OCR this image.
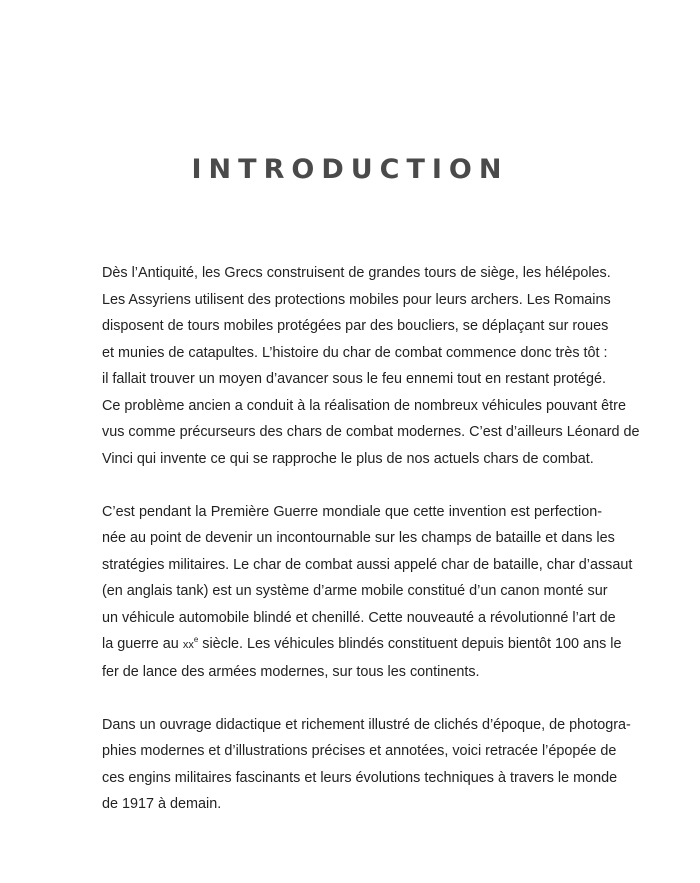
INTRODUCTION

Dès l’Antiquité, les Grecs construisent de grandes tours de siège, les hélépoles.
Les Assyriens utilisent des protections mobiles pour leurs archers. Les Romains
disposent de tours mobiles protégées par des boucliers, se déplaçant sur roues
et munies de catapultes. L’histoire du char de combat commence donc très tôt :
il fallait trouver un moyen d’avancer sous le feu ennemi tout en restant protégé.
Ce problème ancien a conduit à la réalisation de nombreux véhicules pouvant être
vus comme précurseurs des chars de combat modernes. C’est d’ailleurs Léonard de
Vinci qui invente ce qui se rapproche le plus de nos actuels chars de combat.

C’est pendant la Première Guerre mondiale que cette invention est perfection-
née au point de devenir un incontournable sur les champs de bataille et dans les
stratégies militaires. Le char de combat aussi appelé char de bataille, char d’assaut
(en anglais tank) est un système d’arme mobile constitué d’un canon monté sur
un véhicule automobile blindé et chenillé. Cette nouveauté a révolutionné l’art de
la guerre au $xx^e$ siècle. Les véhicules blindés constituent depuis bientôt 100 ans le
fer de lance des armées modernes, sur tous les continents.

Dans un ouvrage didactique et richement illustré de clichés d’époque, de photogra-
phies modernes et d’illustrations précises et annotées, voici retracée l’épopée de
ces engins militaires fascinants et leurs évolutions techniques à travers le monde
de 1917 à demain.
